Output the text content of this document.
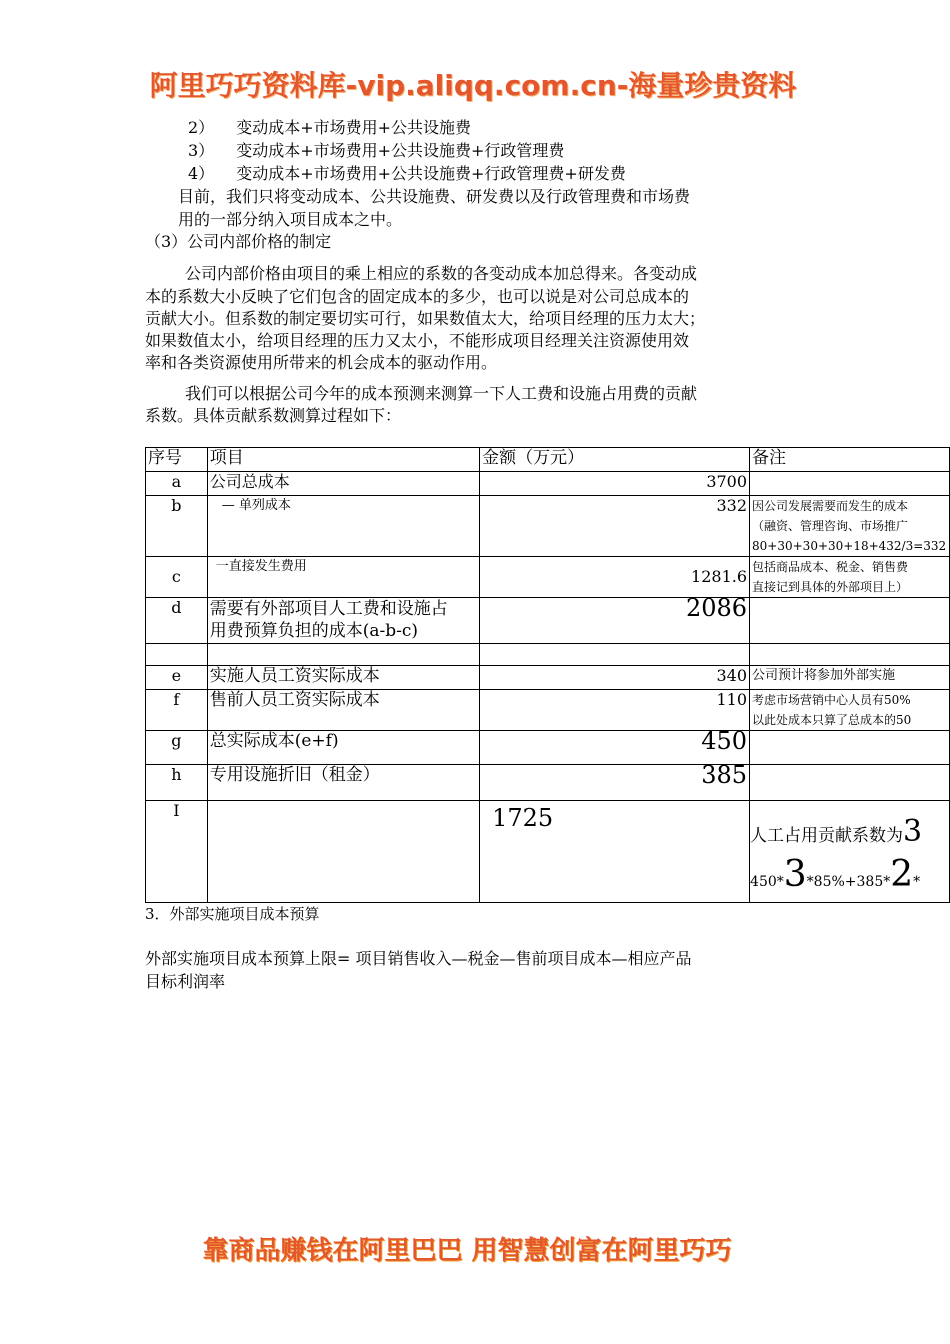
阿里巧巧资料库-vip.aliqq.com.cn-海量珍贵资料
2） 变动成本+市场费用+公共设施费
3） 变动成本+市场费用+公共设施费+行政管理费
4） 变动成本+市场费用+公共设施费+行政管理费+研发费
目前，我们只将变动成本、公共设施费、研发费以及行政管理费和市场费
用的一部分纳入项目成本之中。
（3）公司内部价格的制定
公司内部价格由项目的乘上相应的系数的各变动成本加总得来。各变动成
本的系数大小反映了它们包含的固定成本的多少，也可以说是对公司总成本的
贡献大小。但系数的制定要切实可行，如果数值太大，给项目经理的压力太大；
如果数值太小，给项目经理的压力又太小，不能形成项目经理关注资源使用效
率和各类资源使用所带来的机会成本的驱动作用。
我们可以根据公司今年的成本预测来测算一下人工费和设施占用费的贡献
系数。具体贡献系数测算过程如下：
序号	项目	金额（万元）	备注
a	公司总成本	3700	
b	— 单列成本	332	因公司发展需要而发生的成本
（融资、管理咨询、市场推广
80+30+30+30+18+432/3=332

c	一直接发生费用	1281.6	包括商品成本、税金、销售费
直接记到具体的外部项目上）

d	需要有外部项目人工费和设施占
用费预算负担的成本(a-b-c)	2086	

e	实施人员工资实际成本	340	公司预计将参加外部实施
f	售前人员工资实际成本	110	考虑市场营销中心人员有50%
以此处成本只算了总成本的50

g	总实际成本(e+f)	450	
h	专用设施折旧（租金）	385	
I		1725	人工占用贡献系数为3
450*3*85%+385*2*
3．外部实施项目成本预算
外部实施项目成本预算上限= 项目销售收入—税金—售前项目成本—相应产品
目标利润率
靠商品赚钱在阿里巴巴 用智慧创富在阿里巧巧
